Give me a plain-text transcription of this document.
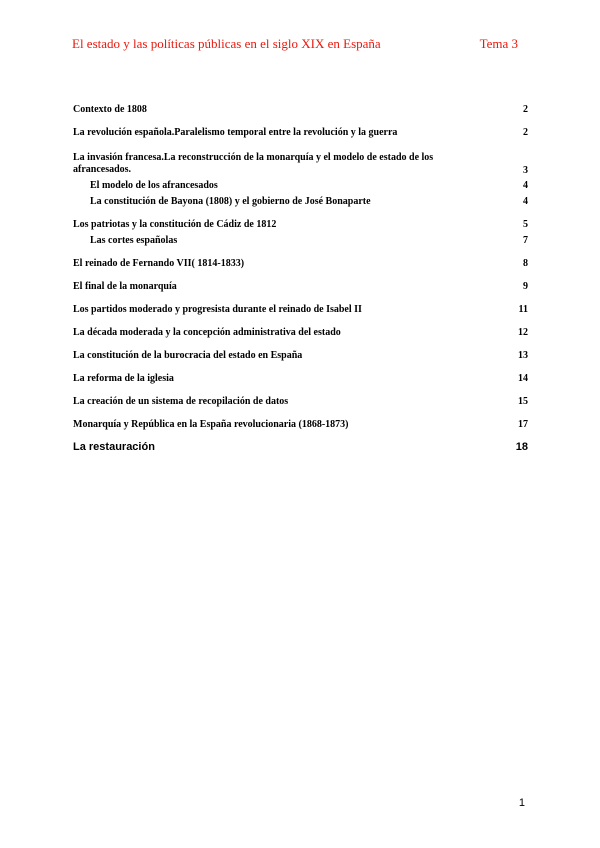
El estado y las políticas públicas en el siglo XIX en España	Tema 3
Contexto de 1808	2
La revolución española.Paralelismo temporal entre la revolución y la guerra	2
La invasión francesa.La reconstrucción de la monarquía y el modelo de estado de los afrancesados.	3
El modelo de los afrancesados	4
La constitución de Bayona (1808) y el gobierno de José Bonaparte	4
Los patriotas y la constitución de Cádiz de 1812	5
Las cortes españolas	7
El reinado de Fernando VII( 1814-1833)	8
El final de la monarquía	9
Los partidos moderado y progresista durante el reinado de Isabel II	11
La década moderada y la concepción administrativa del estado	12
La constitución de la burocracia del estado en España	13
La reforma de la iglesia	14
La creación de un sistema de recopilación de datos	15
Monarquía y República en la España revolucionaria (1868-1873)	17
La restauración	18
1
